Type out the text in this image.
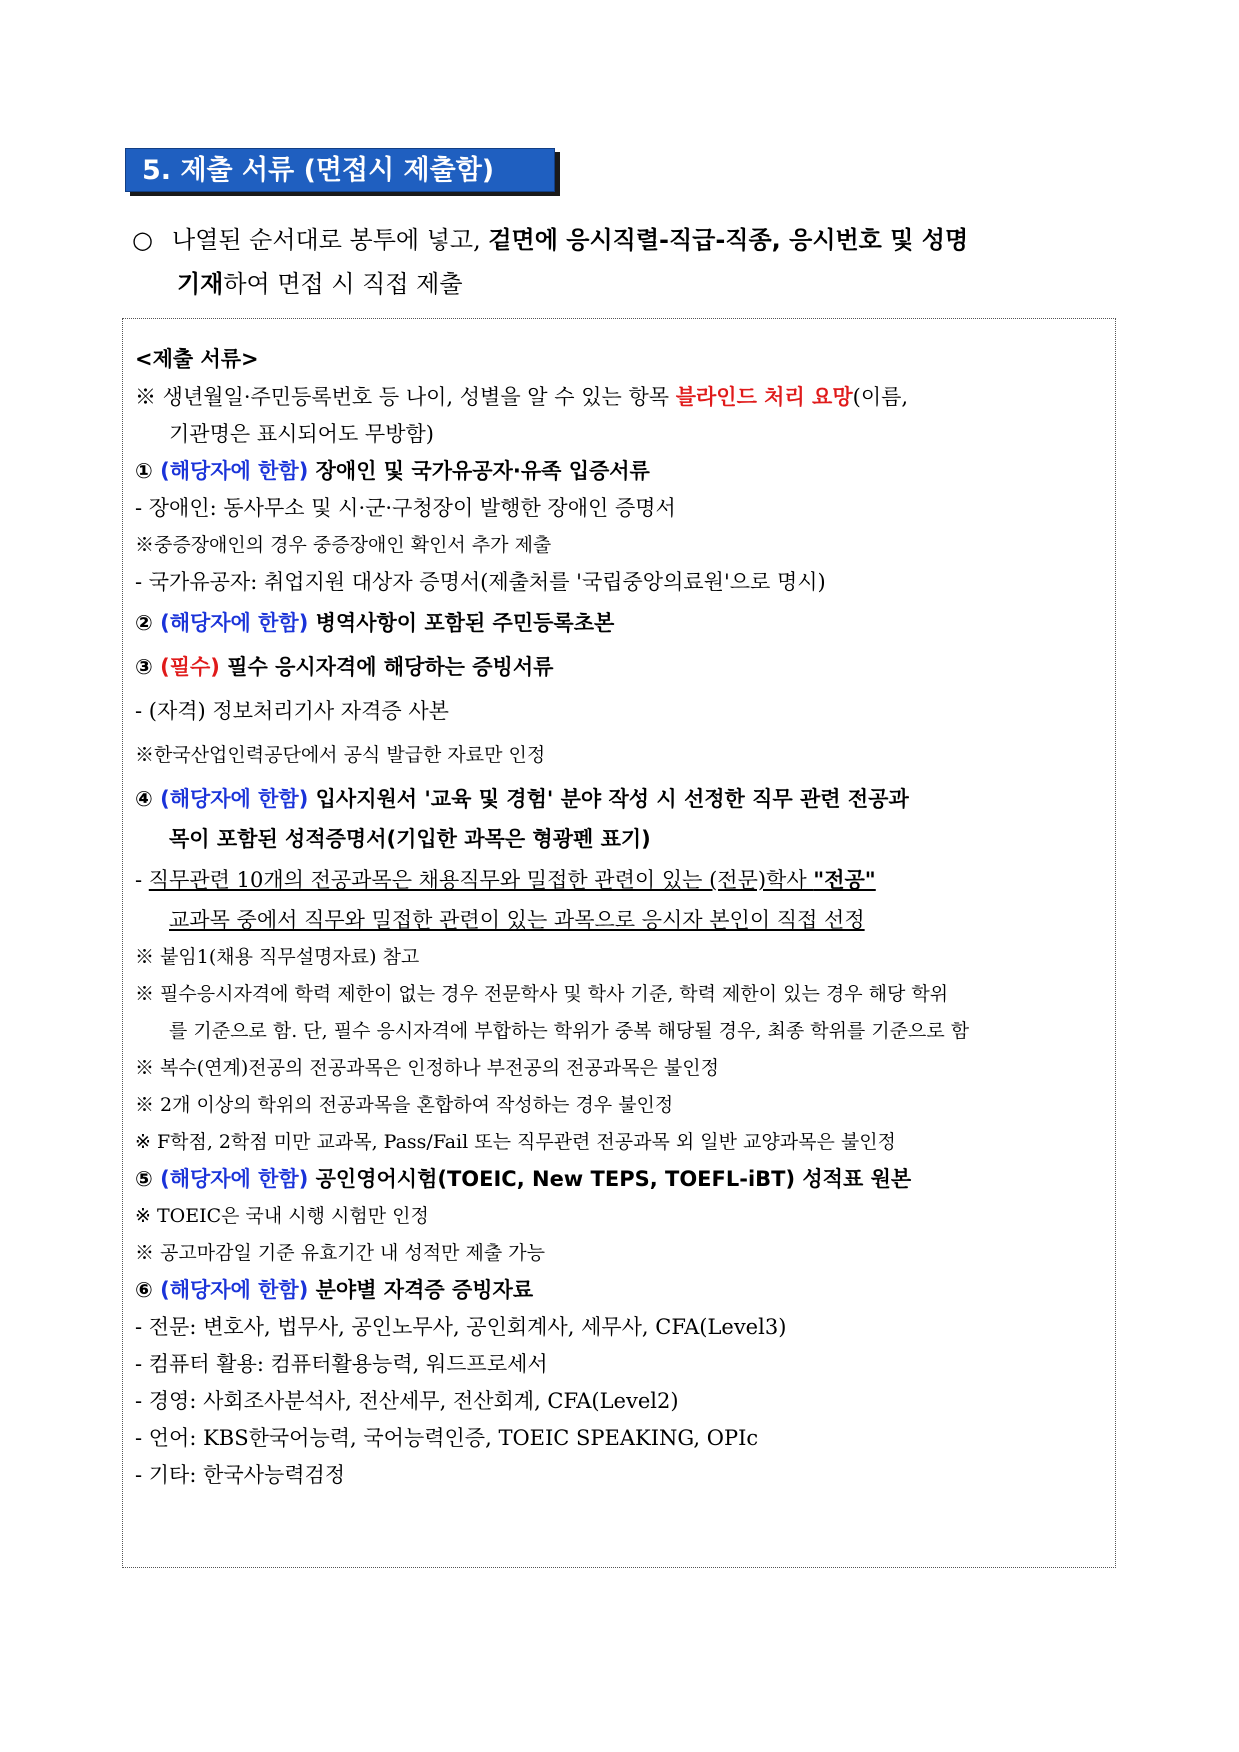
5. 제출 서류 (면접시 제출함)
○ 나열된 순서대로 봉투에 넣고, 겉면에 응시직렬-직급-직종, 응시번호 및 성명
기재하여 면접 시 직접 제출
<제출 서류>
※ 생년월일·주민등록번호 등 나이, 성별을 알 수 있는 항목 블라인드 처리 요망(이름,
기관명은 표시되어도 무방함)
① (해당자에 한함) 장애인 및 국가유공자·유족 입증서류
- 장애인: 동사무소 및 시·군·구청장이 발행한 장애인 증명서
※중증장애인의 경우 중증장애인 확인서 추가 제출
- 국가유공자: 취업지원 대상자 증명서(제출처를 '국립중앙의료원'으로 명시)
② (해당자에 한함) 병역사항이 포함된 주민등록초본
③ (필수) 필수 응시자격에 해당하는 증빙서류
- (자격) 정보처리기사 자격증 사본
※한국산업인력공단에서 공식 발급한 자료만 인정
④ (해당자에 한함) 입사지원서 '교육 및 경험' 분야 작성 시 선정한 직무 관련 전공과
목이 포함된 성적증명서(기입한 과목은 형광펜 표기)
- 직무관련 10개의 전공과목은 채용직무와 밀접한 관련이 있는 (전문)학사 "전공"
교과목 중에서 직무와 밀접한 관련이 있는 과목으로 응시자 본인이 직접 선정
※ 붙임1(채용 직무설명자료) 참고
※ 필수응시자격에 학력 제한이 없는 경우 전문학사 및 학사 기준, 학력 제한이 있는 경우 해당 학위
를 기준으로 함. 단, 필수 응시자격에 부합하는 학위가 중복 해당될 경우, 최종 학위를 기준으로 함
※ 복수(연계)전공의 전공과목은 인정하나 부전공의 전공과목은 불인정
※ 2개 이상의 학위의 전공과목을 혼합하여 작성하는 경우 불인정
※ F학점, 2학점 미만 교과목, Pass/Fail 또는 직무관련 전공과목 외 일반 교양과목은 불인정
⑤ (해당자에 한함) 공인영어시험(TOEIC, New TEPS, TOEFL-iBT) 성적표 원본
※ TOEIC은 국내 시행 시험만 인정
※ 공고마감일 기준 유효기간 내 성적만 제출 가능
⑥ (해당자에 한함) 분야별 자격증 증빙자료
- 전문: 변호사, 법무사, 공인노무사, 공인회계사, 세무사, CFA(Level3)
- 컴퓨터 활용: 컴퓨터활용능력, 워드프로세서
- 경영: 사회조사분석사, 전산세무, 전산회계, CFA(Level2)
- 언어: KBS한국어능력, 국어능력인증, TOEIC SPEAKING, OPIc
- 기타: 한국사능력검정
